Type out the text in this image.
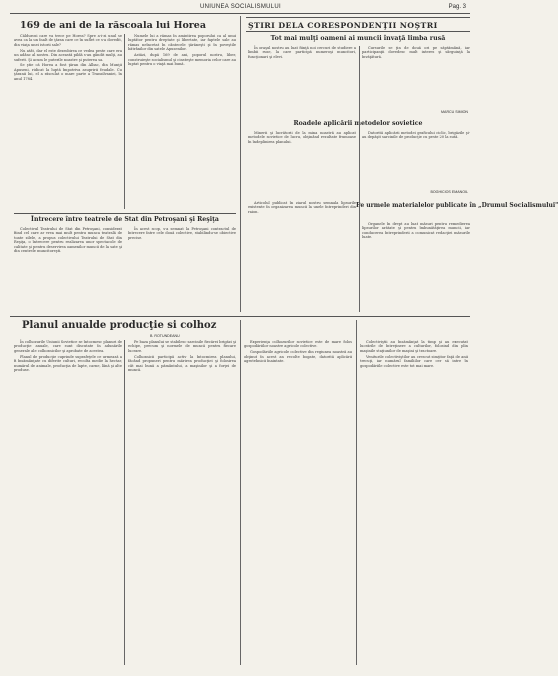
UNIUNEA SOCIALISMULUI	Pag. 3
169 de ani de la răscoala lui Horea

Căldurosi care va trece pe Horea? Spre a-i-zi unul se avea ca la un înalt de ţăran care ce în suflet ce s-a dovedit, din viaţa unei istorii sale?

Nu atât, dar el este dezrobirea ce vedea peste care era un adânc al nostru. Din această pildă s-au gândit mulţi, au suferit. Şi acum le puterile noastre şi puterea sa.

Se ştie că Horea a fost ţăran din Albac, din Munţii Apuseni, ridicat la luptă împotriva asupririi feudale. Cu ţăranii lui, el a răsculat o mare parte a Transilvaniei, în anul 1784.

Numele lui a rămas în amintirea poporului ca al unui luptător pentru dreptate şi libertate, iar faptele sale au rămas neîncetat în cântecele ţărăneşti şi în poveştile bătrânilor din satele Apusenilor.

Astăzi, după 169 de ani, poporul nostru, liber, construieşte socialismul şi cinsteşte memoria celor care au luptat pentru o viaţă mai bună.

Întrecere între teatrele de Stat din Petroşani şi Reşiţa

Colectivul Teatrului de Stat din Petroşani, considerat fiind cel care ar vrea mai mult pentru munca teatrală de toate zilele, a propus colectivului Teatrului de Stat din Reşiţa, o întrecere pentru realizarea unor spectacole de calitate şi pentru deservirea oamenilor muncii de la sate şi din centrele muncitoreşti.

În acest scop, s-a semnat la Petroşani contractul de întrecere între cele două colective, stabilindu-se obiective precise.

ŞTIRI DELA CORESPONDENŢII NOŞTRI
Tot mai mulţi oameni ai muncii învaţă limba rusă

În oraşul nostru au luat fiinţă noi cercuri de studiere a limbii ruse, la care participă numeroşi muncitori, funcţionari şi elevi.

Cursurile se ţin de două ori pe săptămână, iar participanţii dovedesc mult interes şi sârguinţă la învăţătură.

MARCU SIMION
Roadele aplicării metodelor sovietice

Minerii şi lucrătorii de la mina noastră au aplicat metodele sovietice de lucru, obţinând rezultate frumoase în îndeplinirea planului.

Datorită aplicării metodei graficului ciclic, brigăzile şi-au depăşit sarcinile de producţie cu peste 20 la sută.

BOGHICIOS EMANOIL
Pe urmele materialelor publicate în „Drumul Socialismului"

Articolul publicat în ziarul nostru semnala lipsurile existente în organizarea muncii la unele întreprinderi din raion.

Organele în drept au luat măsuri pentru remedierea lipsurilor arătate şi pentru îmbunătăţirea muncii, iar conducerea întreprinderii a comunicat redacţiei măsurile luate.

Planul anualde producţie si colhoz
B. ROTUNDEANU

În colhozurile Uniunii Sovietice se întocmesc planuri de producţie anuale, care sunt discutate în adunările generale ale colhoznicilor şi aprobate de acestea.

Planul de producţie cuprinde suprafeţele ce urmează a fi însămânţate cu diferite culturi, recolta medie la hectar, numărul de animale, producţia de lapte, carne, lână şi alte produse.

Pe baza planului se stabilesc sarcinile fiecărei brigăzi şi echipe, precum şi normele de muncă pentru fiecare lucrare.

Colhoznicii participă activ la întocmirea planului, făcând propuneri pentru mărirea producţiei şi folosirea cât mai bună a pământului, a maşinilor şi a forţei de muncă.

Experienţa colhozurilor sovietice este de mare folos gospodăriilor noastre agricole colective.

Gospodăriile agricole colective din regiunea noastră au obţinut în acest an recolte bogate, datorită aplicării agrotehnicii înaintate.

Colectiviştii au însămânţat la timp şi au executat lucrările de întreţinere a culturilor, folosind din plin maşinile staţiunilor de maşini şi tractoare.

Veniturile colectiviştilor au crescut simţitor faţă de anii trecuţi, iar numărul familiilor care cer să intre în gospodăriile colective este tot mai mare.
